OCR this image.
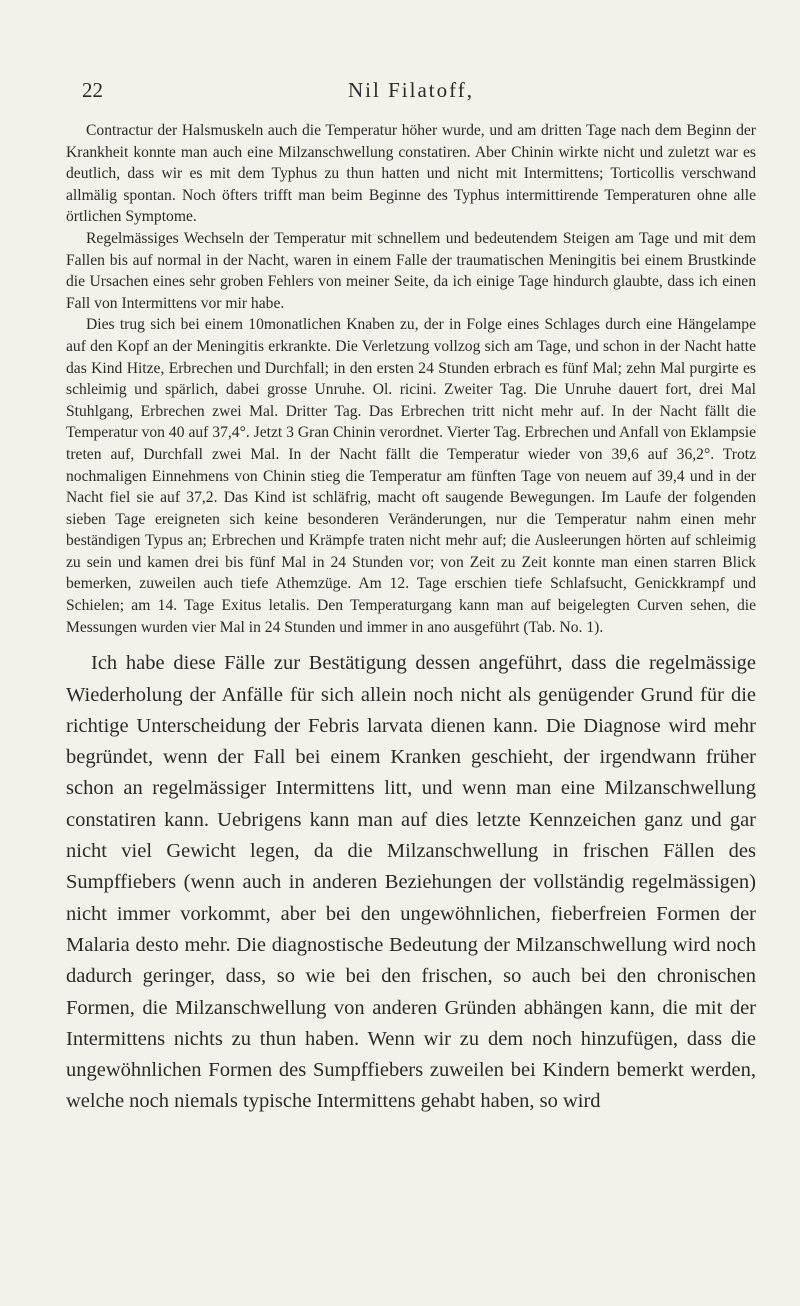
22	Nil Filatoff,

Contractur der Halsmuskeln auch die Temperatur höher wurde, und am dritten Tage nach dem Beginn der Krankheit konnte man auch eine Milzanschwellung constatiren. Aber Chinin wirkte nicht und zuletzt war es deutlich, dass wir es mit dem Typhus zu thun hatten und nicht mit Intermittens; Torticollis verschwand allmälig spontan. Noch öfters trifft man beim Beginne des Typhus intermittirende Temperaturen ohne alle örtlichen Symptome.

Regelmässiges Wechseln der Temperatur mit schnellem und bedeutendem Steigen am Tage und mit dem Fallen bis auf normal in der Nacht, waren in einem Falle der traumatischen Meningitis bei einem Brustkinde die Ursachen eines sehr groben Fehlers von meiner Seite, da ich einige Tage hindurch glaubte, dass ich einen Fall von Intermittens vor mir habe.

Dies trug sich bei einem 10monatlichen Knaben zu, der in Folge eines Schlages durch eine Hängelampe auf den Kopf an der Meningitis erkrankte. Die Verletzung vollzog sich am Tage, und schon in der Nacht hatte das Kind Hitze, Erbrechen und Durchfall; in den ersten 24 Stunden erbrach es fünf Mal; zehn Mal purgirte es schleimig und spärlich, dabei grosse Unruhe. Ol. ricini. Zweiter Tag. Die Unruhe dauert fort, drei Mal Stuhlgang, Erbrechen zwei Mal. Dritter Tag. Das Erbrechen tritt nicht mehr auf. In der Nacht fällt die Temperatur von 40 auf 37,4°. Jetzt 3 Gran Chinin verordnet. Vierter Tag. Erbrechen und Anfall von Eklampsie treten auf, Durchfall zwei Mal. In der Nacht fällt die Temperatur wieder von 39,6 auf 36,2°. Trotz nochmaligen Einnehmens von Chinin stieg die Temperatur am fünften Tage von neuem auf 39,4 und in der Nacht fiel sie auf 37,2. Das Kind ist schläfrig, macht oft saugende Bewegungen. Im Laufe der folgenden sieben Tage ereigneten sich keine besonderen Veränderungen, nur die Temperatur nahm einen mehr beständigen Typus an; Erbrechen und Krämpfe traten nicht mehr auf; die Ausleerungen hörten auf schleimig zu sein und kamen drei bis fünf Mal in 24 Stunden vor; von Zeit zu Zeit konnte man einen starren Blick bemerken, zuweilen auch tiefe Athemzüge. Am 12. Tage erschien tiefe Schlafsucht, Genickkrampf und Schielen; am 14. Tage Exitus letalis. Den Temperaturgang kann man auf beigelegten Curven sehen, die Messungen wurden vier Mal in 24 Stunden und immer in ano ausgeführt (Tab. No. 1).

Ich habe diese Fälle zur Bestätigung dessen angeführt, dass die regelmässige Wiederholung der Anfälle für sich allein noch nicht als genügender Grund für die richtige Unterscheidung der Febris larvata dienen kann. Die Diagnose wird mehr begründet, wenn der Fall bei einem Kranken geschieht, der irgendwann früher schon an regelmässiger Intermittens litt, und wenn man eine Milzanschwellung constatiren kann. Uebrigens kann man auf dies letzte Kennzeichen ganz und gar nicht viel Gewicht legen, da die Milzanschwellung in frischen Fällen des Sumpffiebers (wenn auch in anderen Beziehungen der vollständig regelmässigen) nicht immer vorkommt, aber bei den ungewöhnlichen, fieberfreien Formen der Malaria desto mehr. Die diagnostische Bedeutung der Milzanschwellung wird noch dadurch geringer, dass, so wie bei den frischen, so auch bei den chronischen Formen, die Milzanschwellung von anderen Gründen abhängen kann, die mit der Intermittens nichts zu thun haben. Wenn wir zu dem noch hinzufügen, dass die ungewöhnlichen Formen des Sumpffiebers zuweilen bei Kindern bemerkt werden, welche noch niemals typische Intermittens gehabt haben, so wird
